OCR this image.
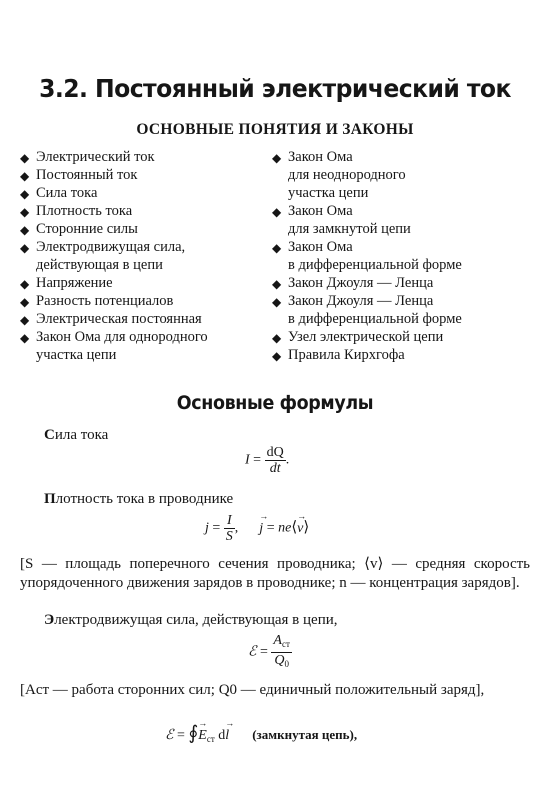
3.2. Постоянный электрический ток
ОСНОВНЫЕ ПОНЯТИЯ И ЗАКОНЫ
◆ Электрический ток
◆ Постоянный ток
◆ Сила тока
◆ Плотность тока
◆ Сторонние силы
◆ Электродвижущая сила,
действующая в цепи
◆ Напряжение
◆ Разность потенциалов
◆ Электрическая постоянная
◆ Закон Ома для однородного
участка цепи
◆ Закон Ома
для неоднородного
участка цепи
◆ Закон Ома
для замкнутой цепи
◆ Закон Ома
в дифференциальной форме
◆ Закон Джоуля — Ленца
◆ Закон Джоуля — Ленца
в дифференциальной форме
◆ Узел электрической цепи
◆ Правила Кирхгофа
Основные формулы
Сила тока
$I = \frac{dQ}{dt}$ .
Плотность тока в проводнике
$j = \frac{I}{S}$ ,  → j = ne⟨→ v⟩
[S — площадь поперечного сечения проводника; ⟨v⟩ — средняя скорость упорядоченного движения зарядов в проводнике; n — концентрация зарядов].
Электродвижущая сила, действующая в цепи,
ℰ = $\frac{A_{ст}}{Q_0}$
[Aст — работа сторонних сил; Q0 — единичный положительный заряд],
ℰ = ∮→ $E_{ст}$ d→ l (замкнутая цепь),
